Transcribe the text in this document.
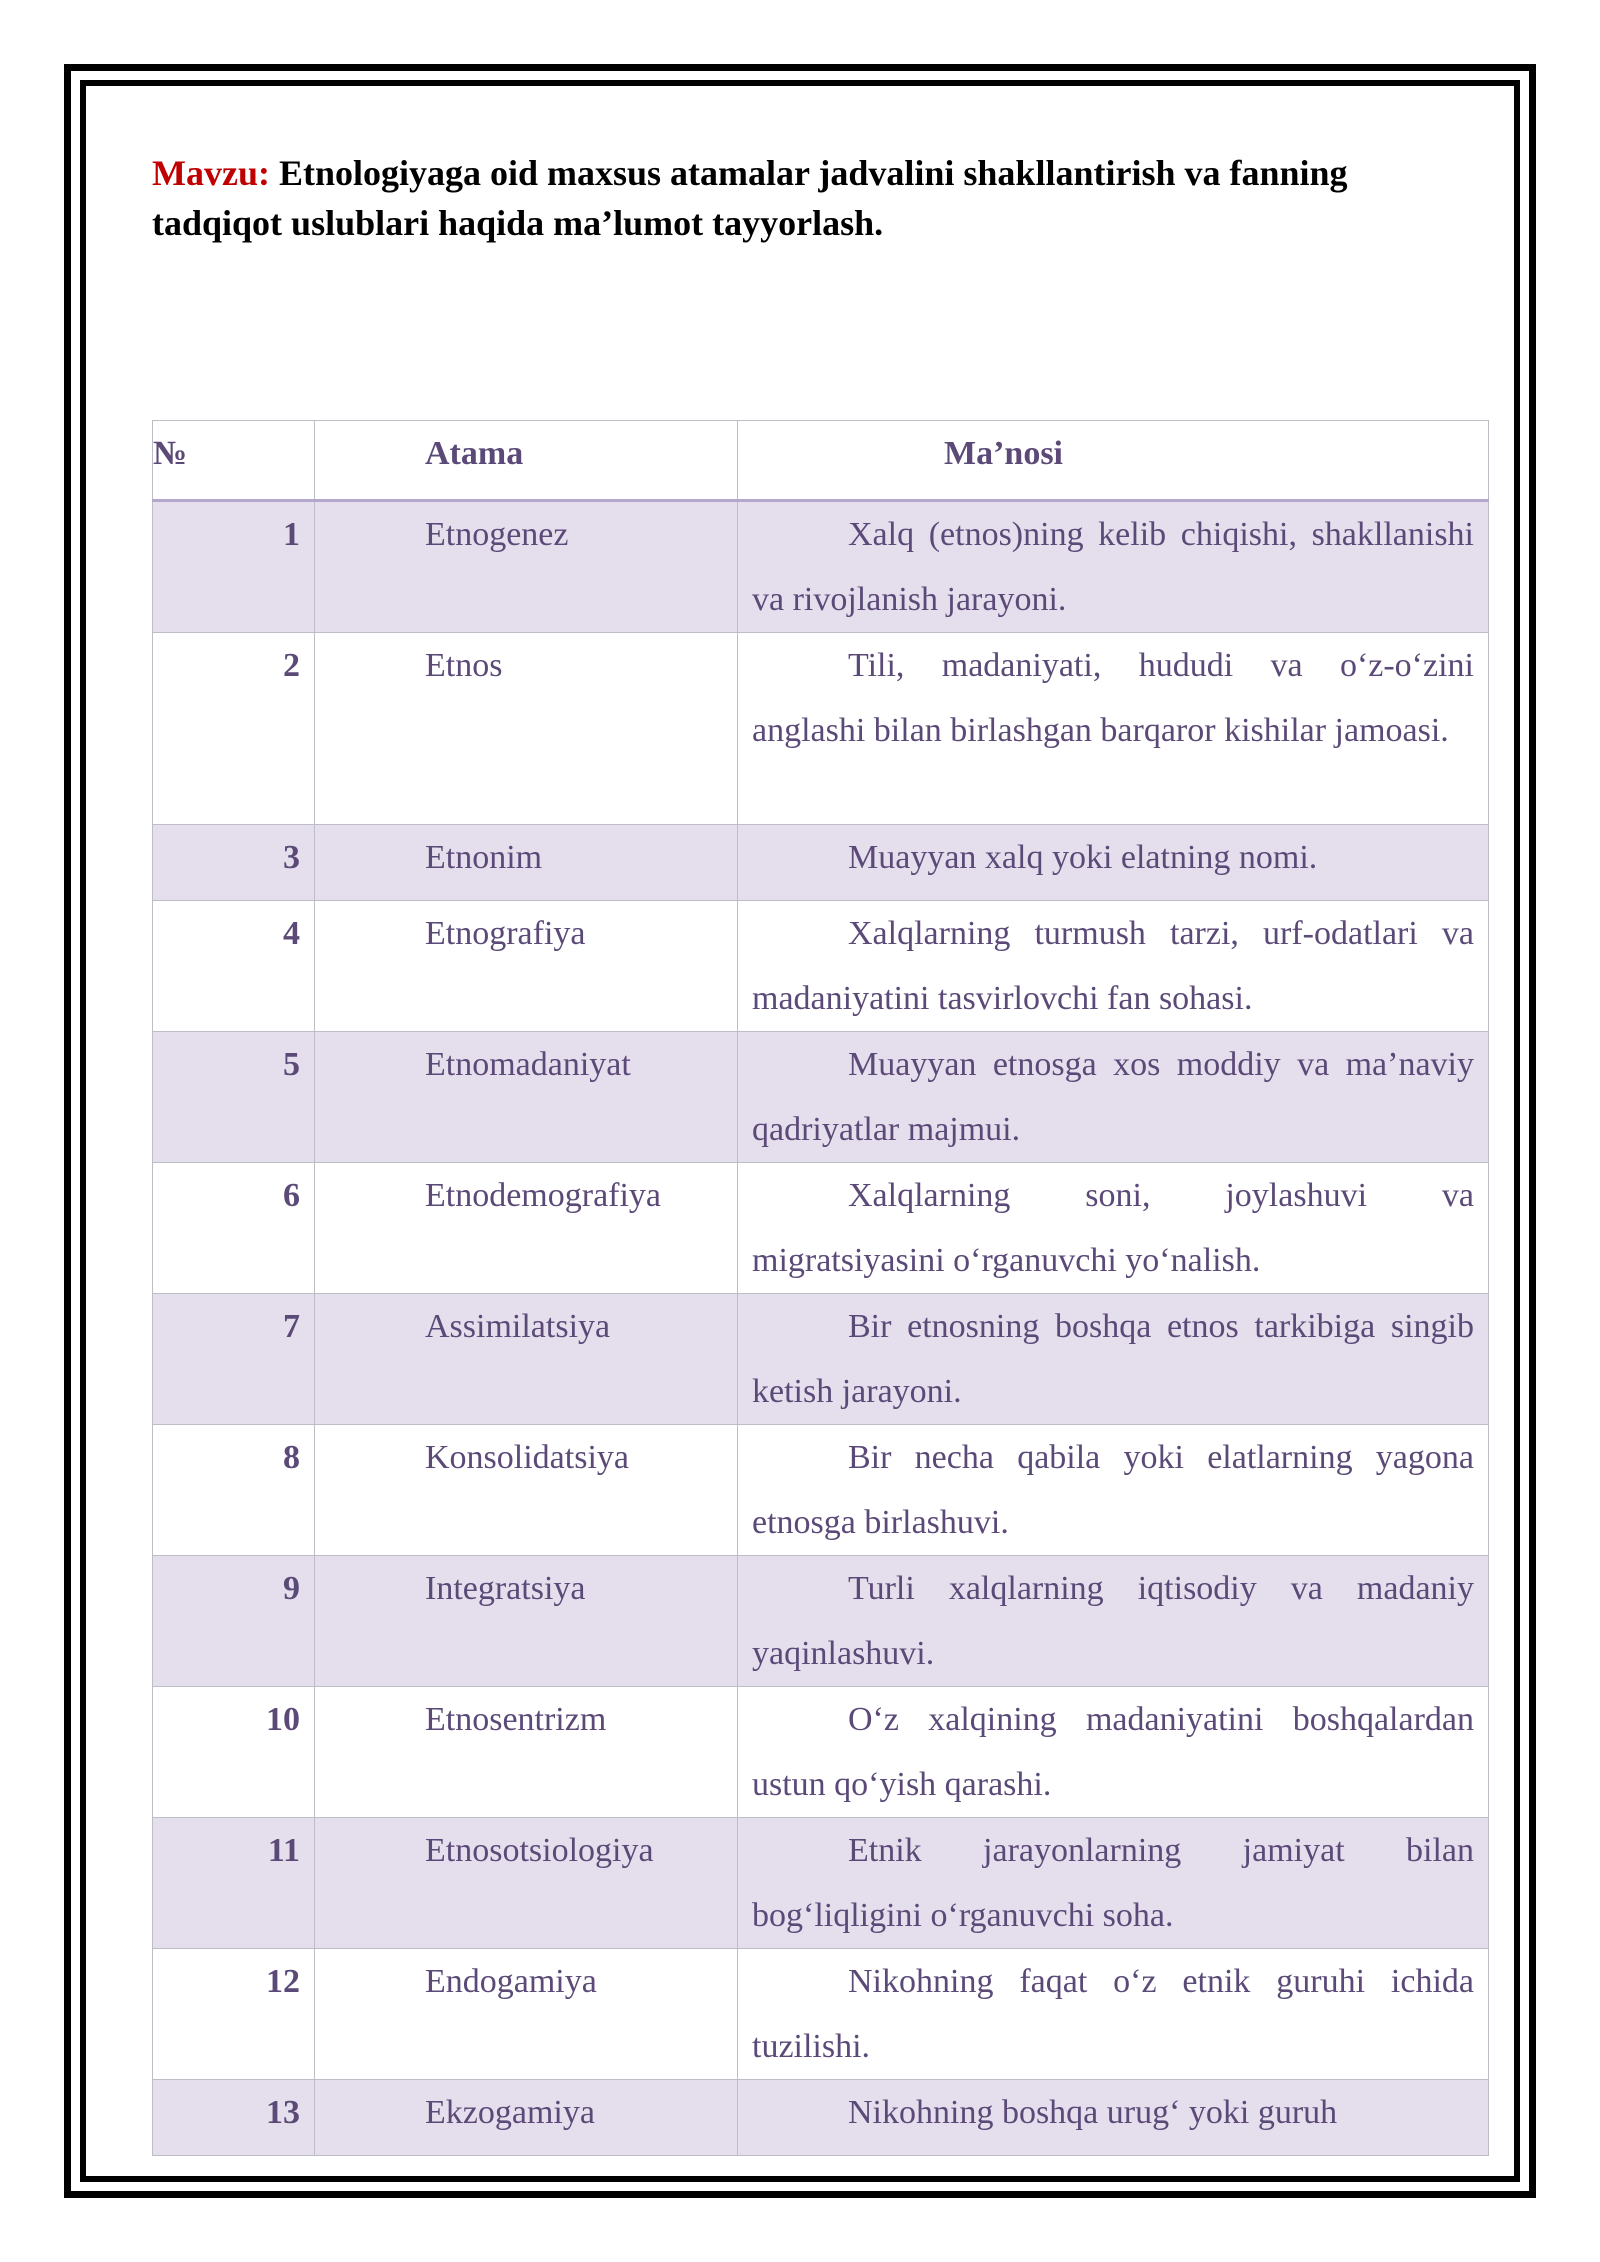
Mavzu: Etnologiyaga oid maxsus atamalar jadvalini shakllantirish va fanning tadqiqot uslublari haqida ma’lumot tayyorlash.

№	Atama	Ma’nosi
1	Etnogenez	Xalq (etnos)ning kelib chiqishi, shakllanishi va rivojlanish jarayoni.
2	Etnos	Tili, madaniyati, hududi va o‘z-o‘zini anglashi bilan birlashgan barqaror kishilar jamoasi.
3	Etnonim	Muayyan xalq yoki elatning nomi.
4	Etnografiya	Xalqlarning turmush tarzi, urf-odatlari va madaniyatini tasvirlovchi fan sohasi.
5	Etnomadaniyat	Muayyan etnosga xos moddiy va ma’naviy qadriyatlar majmui.
6	Etnodemografiya	Xalqlarning soni, joylashuvi va migratsiyasini o‘rganuvchi yo‘nalish.
7	Assimilatsiya	Bir etnosning boshqa etnos tarkibiga singib ketish jarayoni.
8	Konsolidatsiya	Bir necha qabila yoki elatlarning yagona etnosga birlashuvi.
9	Integratsiya	Turli xalqlarning iqtisodiy va madaniy yaqinlashuvi.
10	Etnosentrizm	O‘z xalqining madaniyatini boshqalardan ustun qo‘yish qarashi.
11	Etnosotsiologiya	Etnik jarayonlarning jamiyat bilan bog‘liqligini o‘rganuvchi soha.
12	Endogamiya	Nikohning faqat o‘z etnik guruhi ichida tuzilishi.
13	Ekzogamiya	Nikohning boshqa urug‘ yoki guruh
